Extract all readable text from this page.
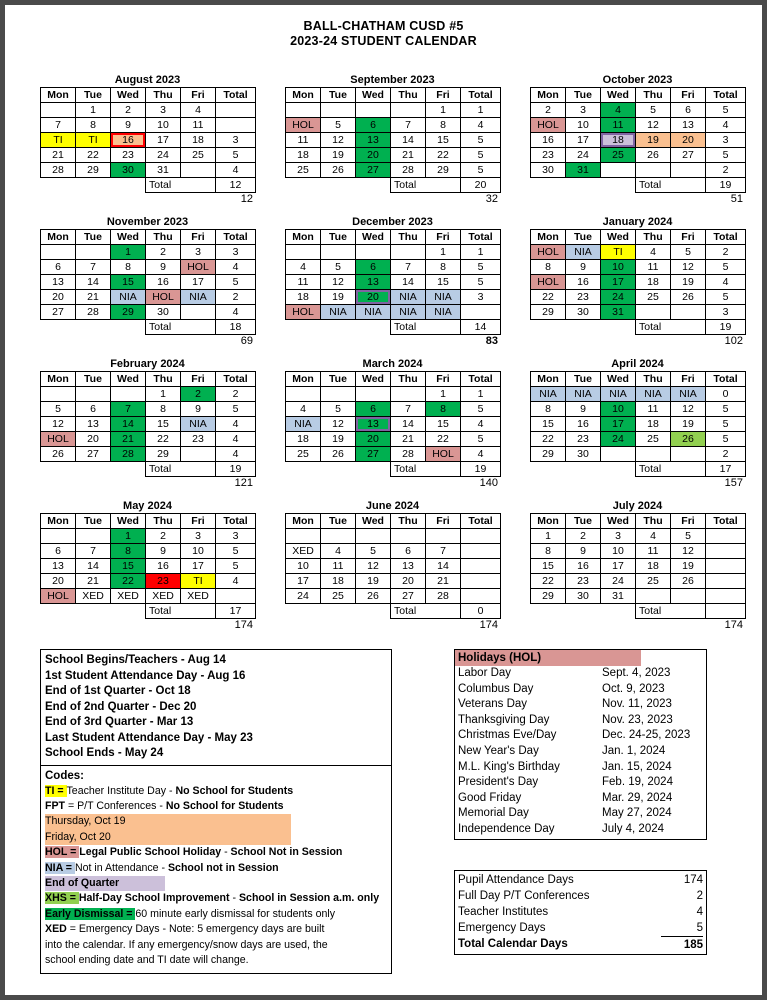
BALL-CHATHAM CUSD #5
2023-24 STUDENT CALENDAR
August 2023
Mon	Tue	Wed	Thu	Fri	Total
	1	2	3	4	
7	8	9	10	11	
TI	TI	16	17	18	3
21	22	23	24	25	5
28	29	30	31		4
			Total		12
12
September 2023
Mon	Tue	Wed	Thu	Fri	Total
				1	1
HOL	5	6	7	8	4
11	12	13	14	15	5
18	19	20	21	22	5
25	26	27	28	29	5
			Total		20
32
October 2023
Mon	Tue	Wed	Thu	Fri	Total
2	3	4	5	6	5
HOL	10	11	12	13	4
16	17	18	19	20	3
23	24	25	26	27	5
30	31				2
			Total		19
51
November 2023
Mon	Tue	Wed	Thu	Fri	Total
		1	2	3	3
6	7	8	9	HOL	4
13	14	15	16	17	5
20	21	NIA	HOL	NIA	2
27	28	29	30		4
			Total		18
69
December 2023
Mon	Tue	Wed	Thu	Fri	Total
				1	1
4	5	6	7	8	5
11	12	13	14	15	5
18	19	20	NIA	NIA	3
HOL	NIA	NIA	NIA	NIA	
			Total		14
83
January 2024
Mon	Tue	Wed	Thu	Fri	Total
HOL	NIA	TI	4	5	2
8	9	10	11	12	5
HOL	16	17	18	19	4
22	23	24	25	26	5
29	30	31			3
			Total		19
102
February 2024
Mon	Tue	Wed	Thu	Fri	Total
			1	2	2
5	6	7	8	9	5
12	13	14	15	NIA	4
HOL	20	21	22	23	4
26	27	28	29		4
			Total		19
121
March 2024
Mon	Tue	Wed	Thu	Fri	Total
				1	1
4	5	6	7	8	5
NIA	12	13	14	15	4
18	19	20	21	22	5
25	26	27	28	HOL	4
			Total		19
140
April 2024
Mon	Tue	Wed	Thu	Fri	Total
NIA	NIA	NIA	NIA	NIA	0
8	9	10	11	12	5
15	16	17	18	19	5
22	23	24	25	26	5
29	30				2
			Total		17
157
May 2024
Mon	Tue	Wed	Thu	Fri	Total
		1	2	3	3
6	7	8	9	10	5
13	14	15	16	17	5
20	21	22	23	TI	4
HOL	XED	XED	XED	XED	
			Total		17
174
June 2024
Mon	Tue	Wed	Thu	Fri	Total

XED	4	5	6	7	
10	11	12	13	14	
17	18	19	20	21	
24	25	26	27	28	
			Total		0
174
July 2024
Mon	Tue	Wed	Thu	Fri	Total
1	2	3	4	5	
8	9	10	11	12	
15	16	17	18	19	
22	23	24	25	26	
29	30	31			
			Total		
174
School Begins/Teachers - Aug 14
1st Student Attendance Day - Aug 16
End of 1st Quarter - Oct 18
End of 2nd Quarter - Dec 20
End of 3rd Quarter - Mar 13
Last Student Attendance Day - May 23
School Ends - May 24
Codes:
TI = Teacher Institute Day - No School for Students
FPT = P/T Conferences - No School for Students
Thursday, Oct 19
Friday, Oct 20
HOL = Legal Public School Holiday - School Not in Session
NIA = Not in Attendance - School not in Session
End of Quarter
XHS = Half-Day School Improvement - School in Session a.m. only
Early Dismissal = 60 minute early dismissal for students only
XED = Emergency Days - Note: 5 emergency days are built
into the calendar. If any emergency/snow days are used, the
school ending date and TI date will change.
Holidays (HOL)
Labor Day	Sept. 4, 2023
Columbus Day	Oct. 9, 2023
Veterans Day	Nov. 11, 2023
Thanksgiving Day	Nov. 23, 2023
Christmas Eve/Day	Dec. 24-25, 2023
New Year's Day	Jan. 1, 2024
M.L. King's Birthday	Jan. 15, 2024
President's Day	Feb. 19, 2024
Good Friday	Mar. 29, 2024
Memorial Day	May 27, 2024
Independence Day	July 4, 2024
Pupil Attendance Days	174
Full Day P/T Conferences	2
Teacher Institutes	4
Emergency Days	5
Total Calendar Days	185
